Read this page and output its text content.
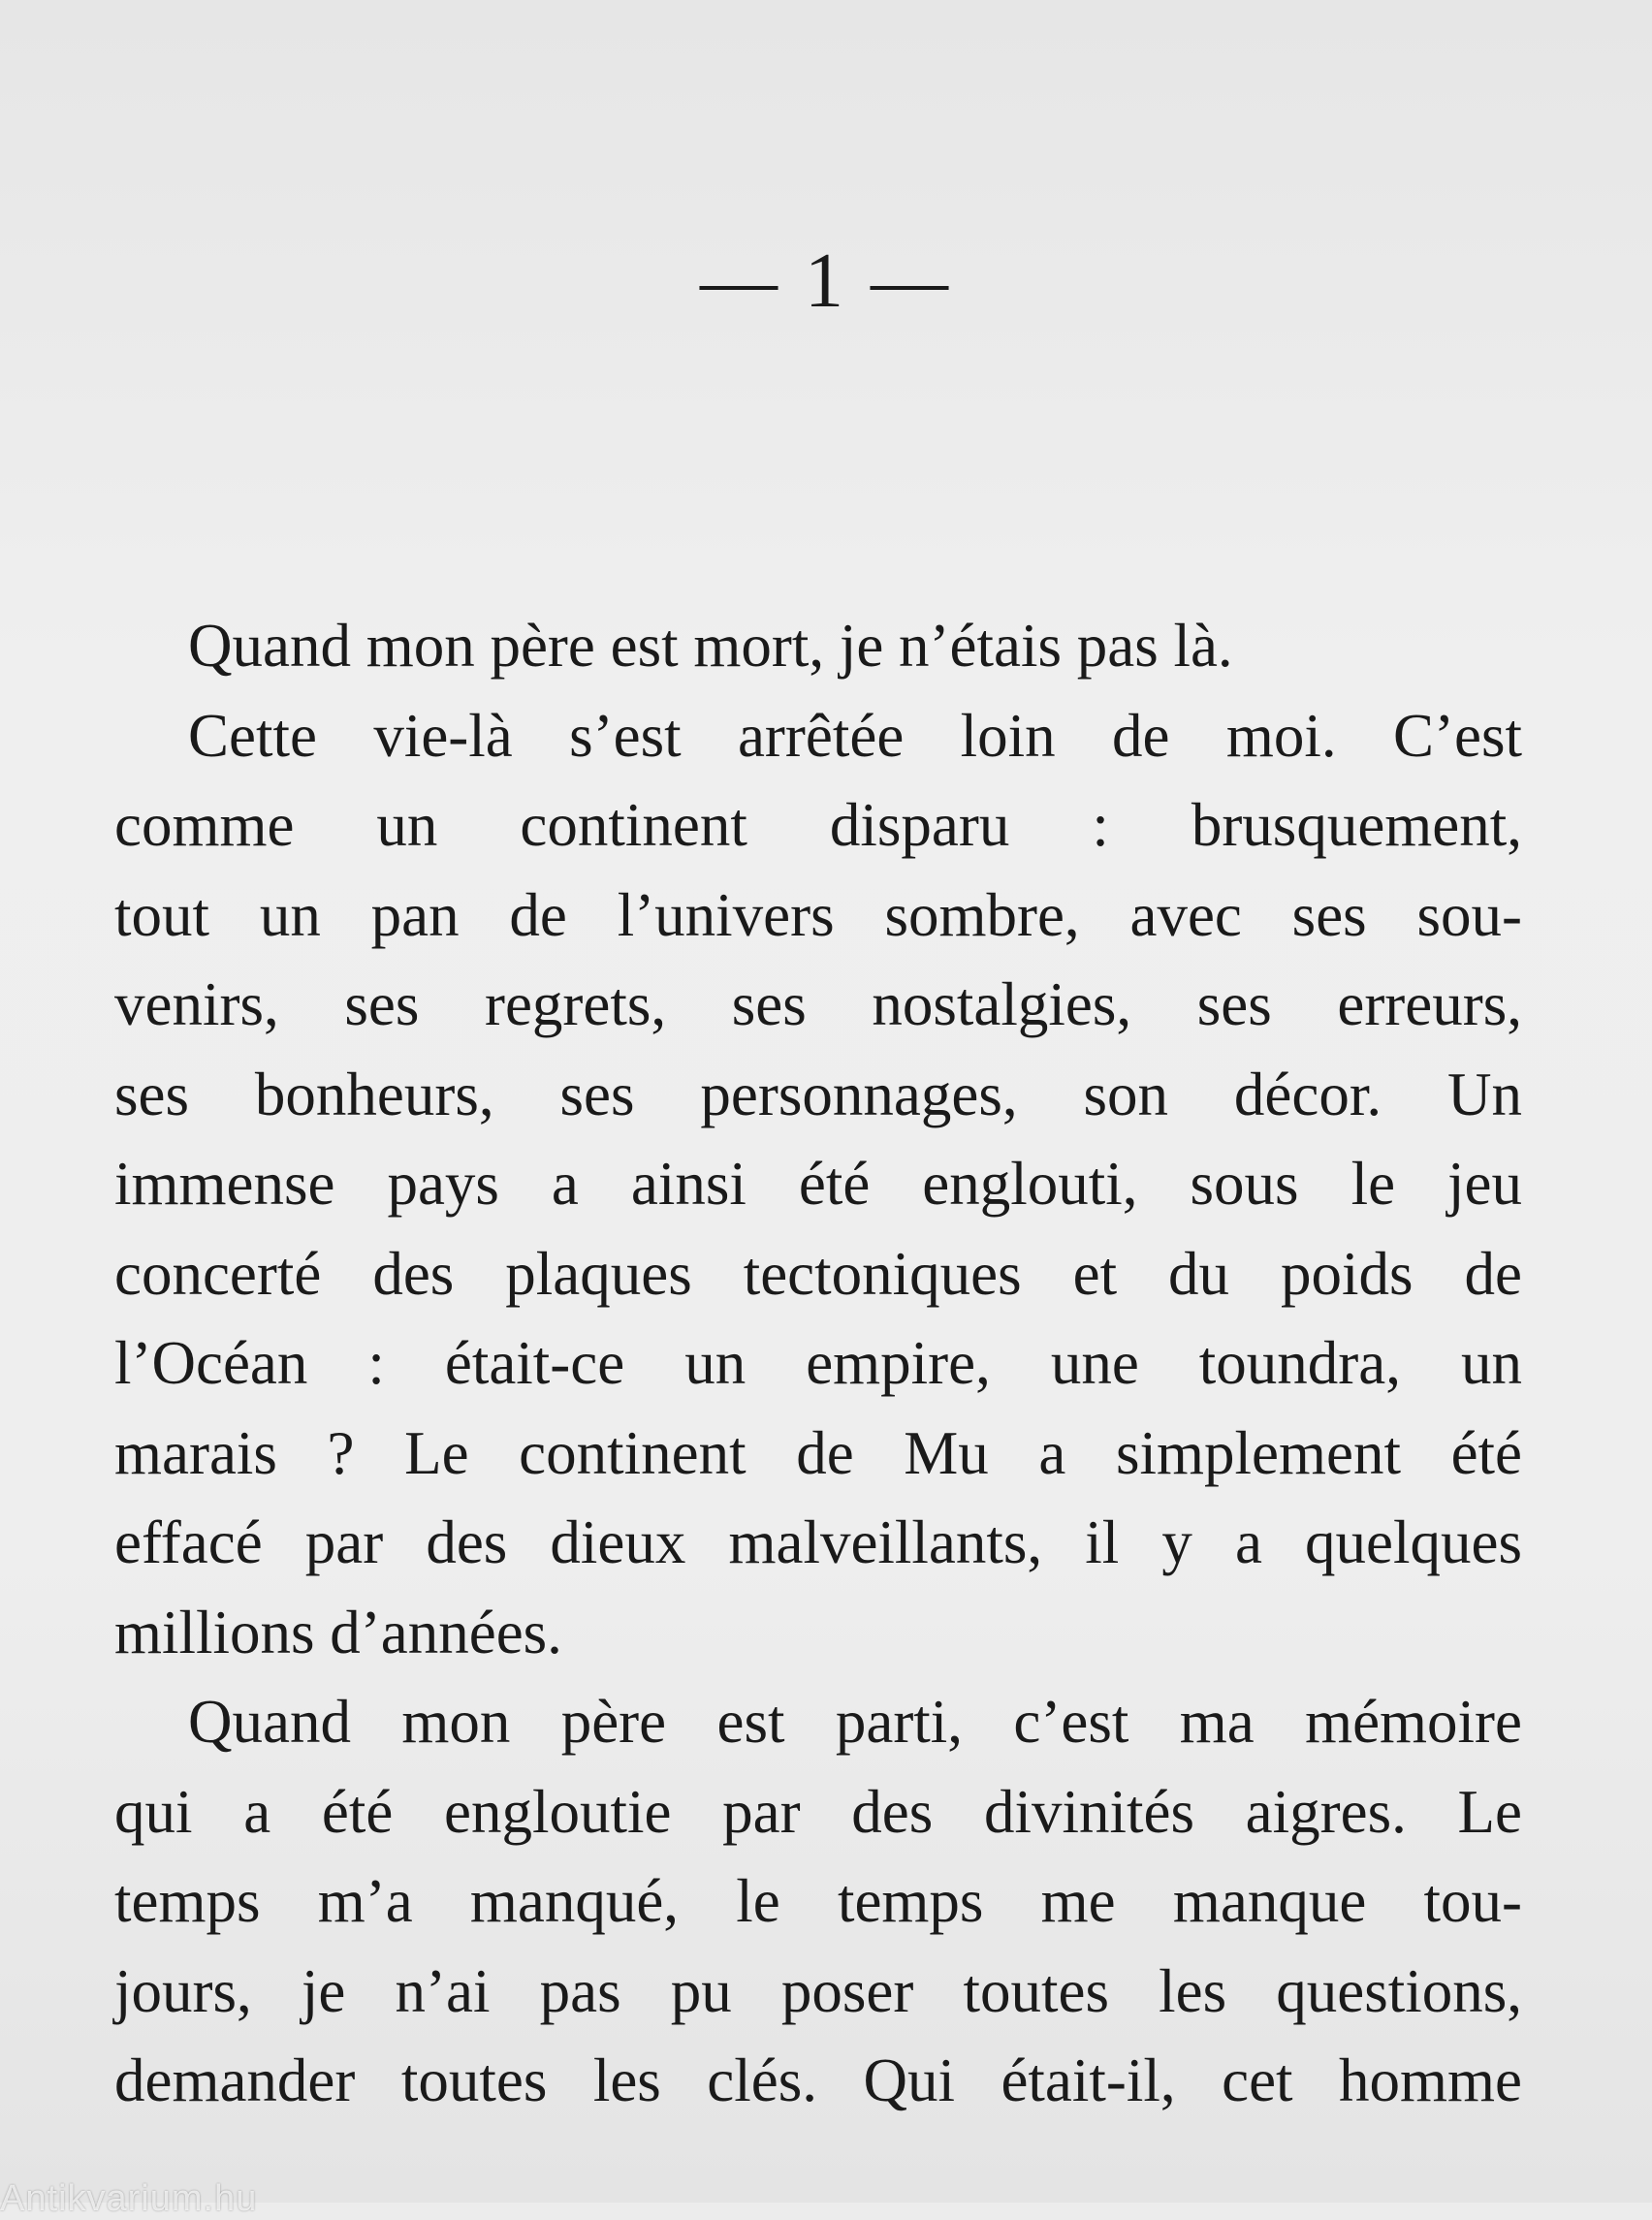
— 1 —
Quand mon père est mort, je n’étais pas là.
Cette vie-là s’est arrêtée loin de moi. C’est
comme un continent disparu : brusquement,
tout un pan de l’univers sombre, avec ses sou-
venirs, ses regrets, ses nostalgies, ses erreurs,
ses bonheurs, ses personnages, son décor. Un
immense pays a ainsi été englouti, sous le jeu
concerté des plaques tectoniques et du poids de
l’Océan : était-ce un empire, une toundra, un
marais ? Le continent de Mu a simplement été
effacé par des dieux malveillants, il y a quelques
millions d’années.
Quand mon père est parti, c’est ma mémoire
qui a été engloutie par des divinités aigres. Le
temps m’a manqué, le temps me manque tou-
jours, je n’ai pas pu poser toutes les questions,
demander toutes les clés. Qui était-il, cet homme
Antikvarium.hu
